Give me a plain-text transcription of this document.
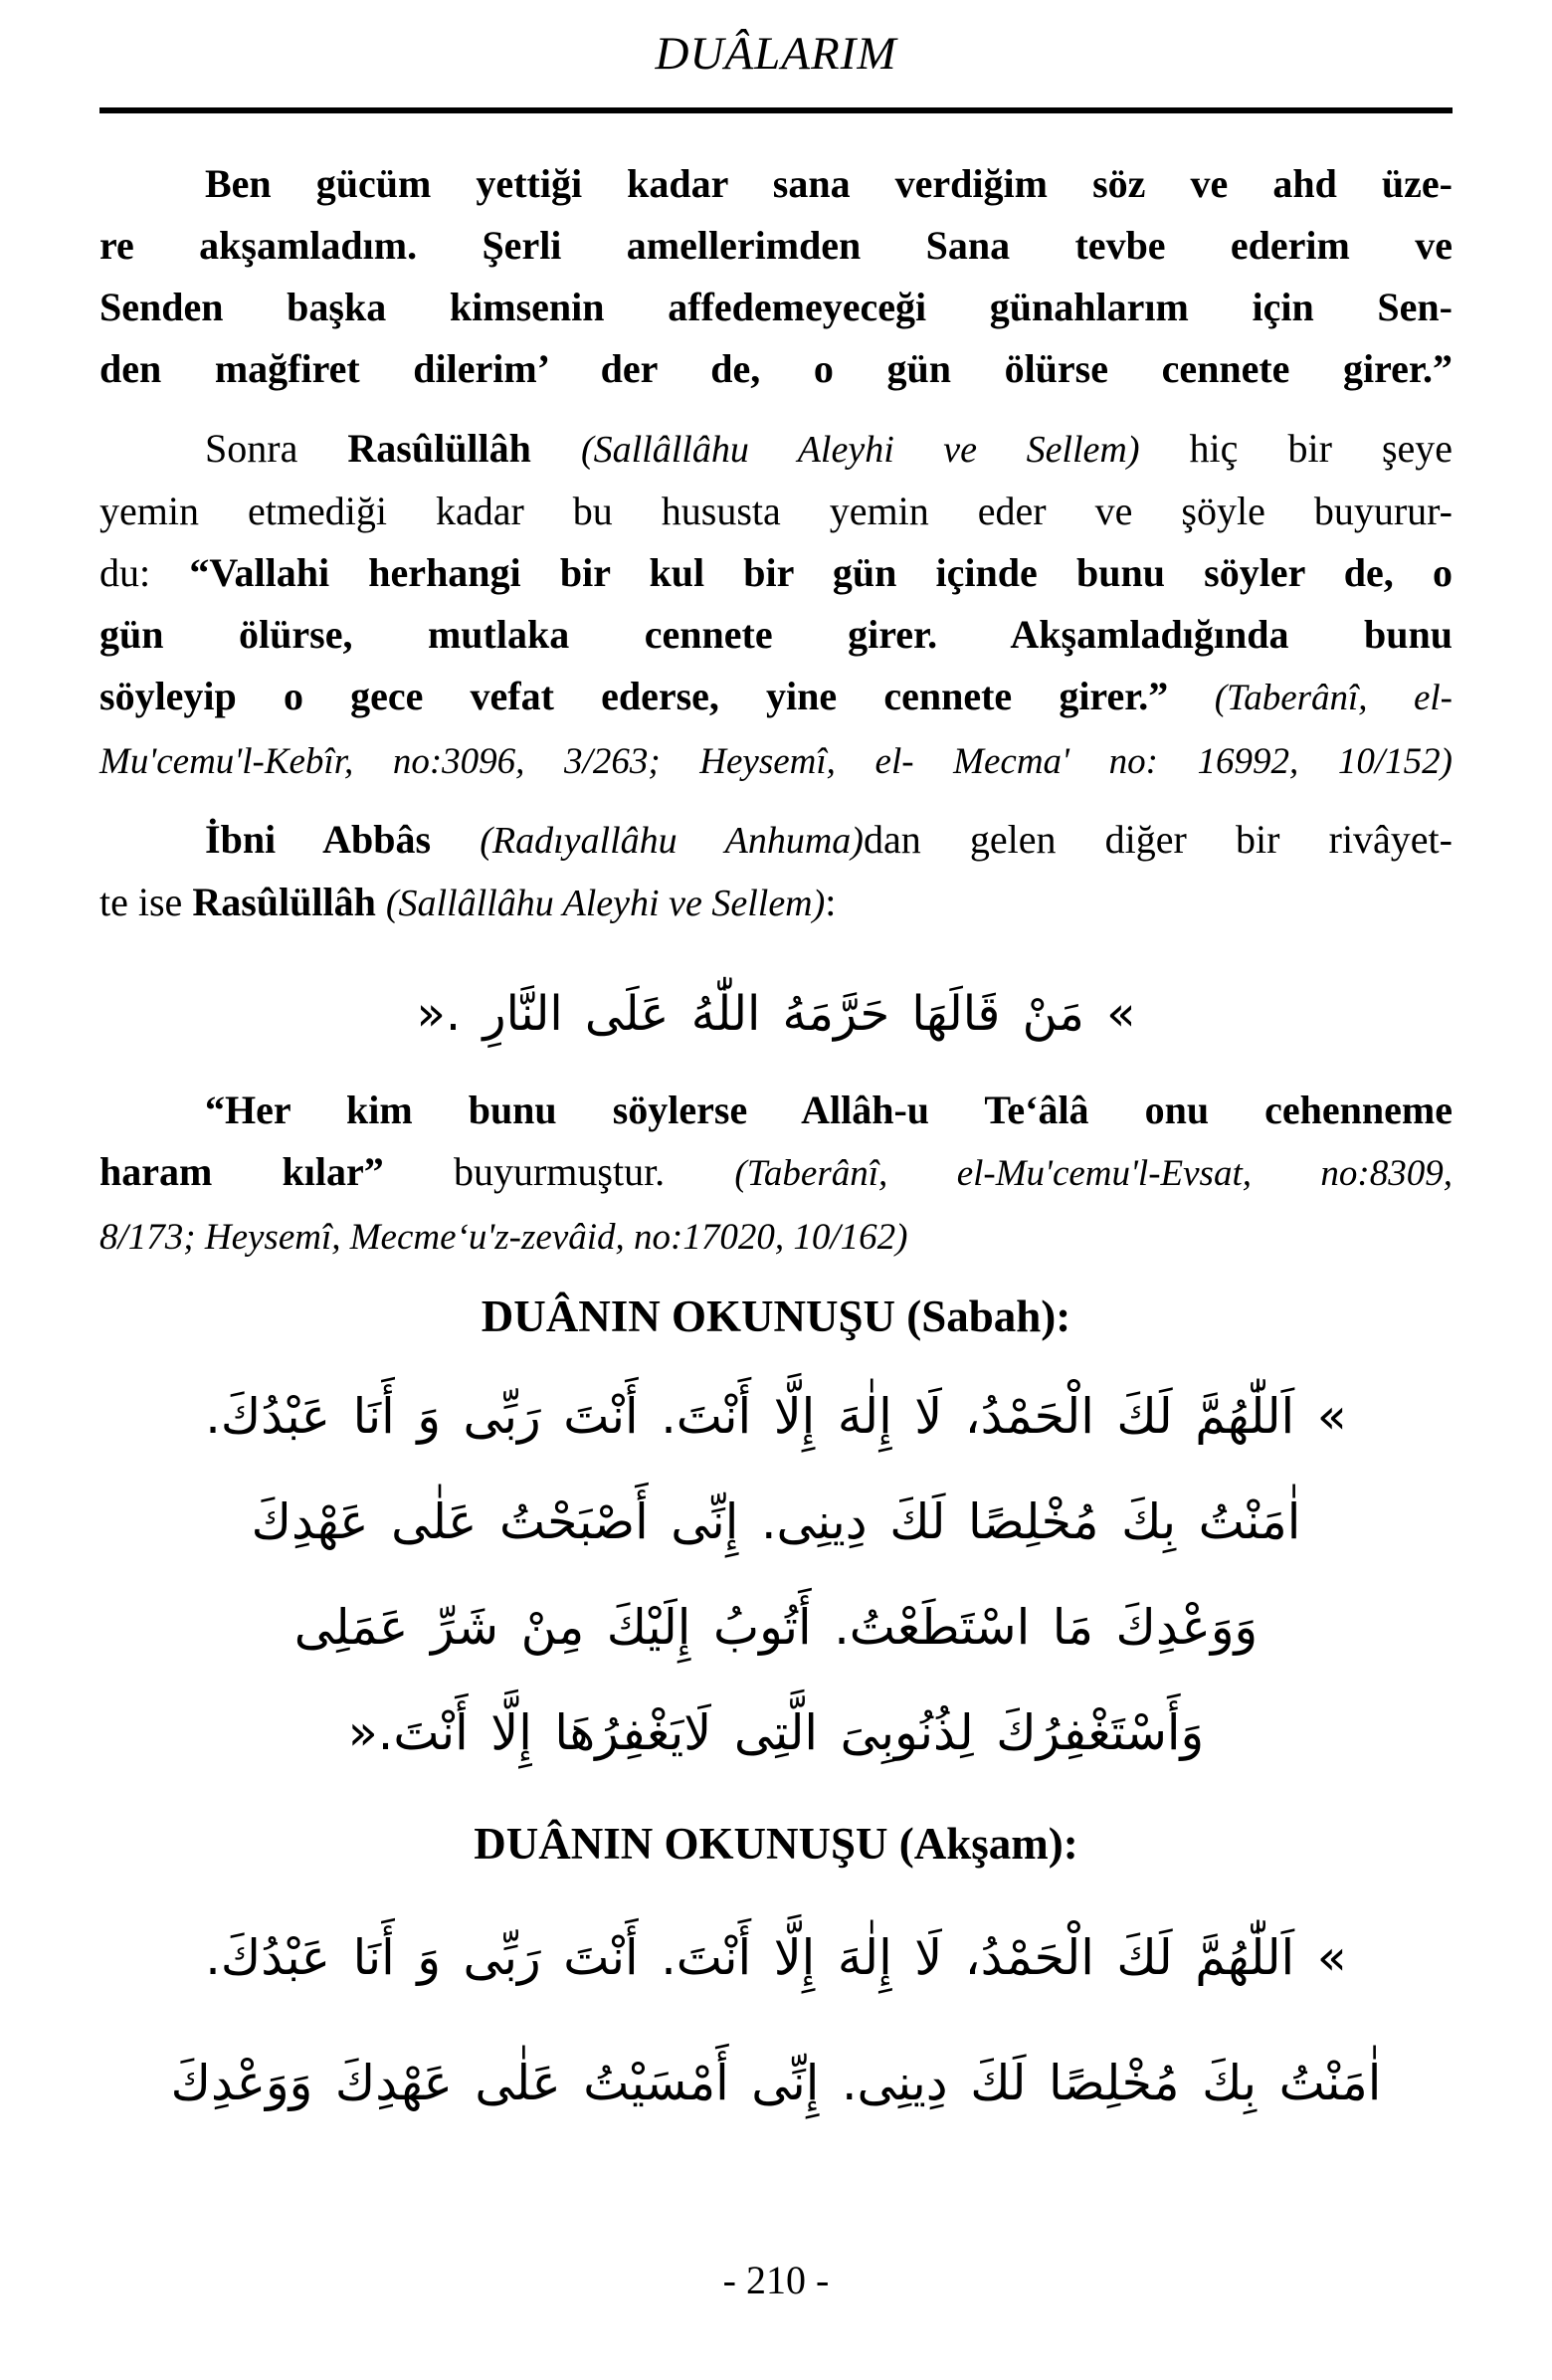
DUÂLARIM
Ben gücüm yettiği kadar sana verdiğim söz ve ahd üze-
re akşamladım. Şerli amellerimden Sana tevbe ederim ve
Senden başka kimsenin affedemeyeceği günahlarım için Sen-
den mağfiret dilerim’ der de, o gün ölürse cennete girer.”
Sonra Rasûlüllâh (Sallâllâhu Aleyhi ve Sellem) hiç bir şeye
yemin etmediği kadar bu hususta yemin eder ve şöyle buyurur-
du: “Vallahi herhangi bir kul bir gün içinde bunu söyler de, o
gün ölürse, mutlaka cennete girer. Akşamladığında bunu
söyleyip o gece vefat ederse, yine cennete girer.” (Taberânî, el-
Mu'cemu'l-Kebîr, no:3096, 3/263; Heysemî, el- Mecma' no: 16992, 10/152)
İbni Abbâs (Radıyallâhu Anhuma)dan gelen diğer bir rivâyet-
te ise Rasûlüllâh (Sallâllâhu Aleyhi ve Sellem):
» مَنْ قَالَهَا حَرَّمَهُ اللّٰهُ عَلَى النَّارِ .«
“Her kim bunu söylerse Allâh-u Te‘âlâ onu cehenneme
haram kılar” buyurmuştur. (Taberânî, el-Mu'cemu'l-Evsat, no:8309,
8/173; Heysemî, Mecme‘u'z-zevâid, no:17020, 10/162)
DUÂNIN OKUNUŞU (Sabah):
» اَللّٰهُمَّ لَكَ الْحَمْدُ، لَا إِلٰهَ إِلَّا أَنْتَ. أَنْتَ رَبِّى وَ أَنَا عَبْدُكَ.
اٰمَنْتُ بِكَ مُخْلِصًا لَكَ دِينِى. إِنِّى أَصْبَحْتُ عَلٰى عَهْدِكَ
وَوَعْدِكَ مَا اسْتَطَعْتُ. أَتُوبُ إِلَيْكَ مِنْ شَرِّ عَمَلِى
وَأَسْتَغْفِرُكَ لِذُنُوبِىَ الَّتِى لَايَغْفِرُهَا إِلَّا أَنْتَ.«
DUÂNIN OKUNUŞU (Akşam):
» اَللّٰهُمَّ لَكَ الْحَمْدُ، لَا إِلٰهَ إِلَّا أَنْتَ. أَنْتَ رَبِّى وَ أَنَا عَبْدُكَ.
اٰمَنْتُ بِكَ مُخْلِصًا لَكَ دِينِى. إِنِّى أَمْسَيْتُ عَلٰى عَهْدِكَ وَوَعْدِكَ
- 210 -
